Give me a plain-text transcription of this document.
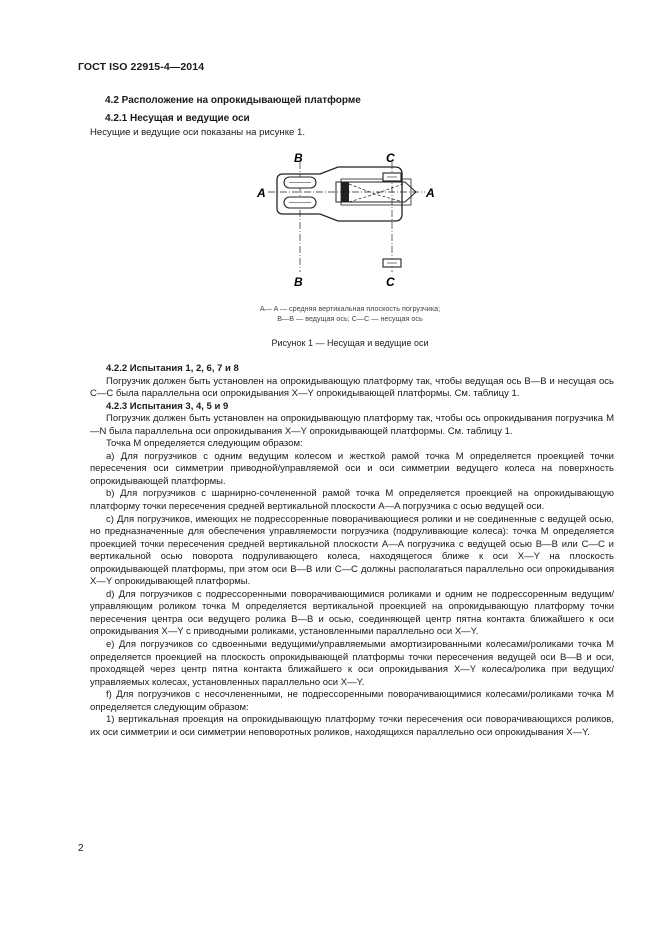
ГОСТ ISO 22915-4—2014
4.2 Расположение на опрокидывающей платформе
4.2.1 Несущая и ведущие оси
Несущие и ведущие оси показаны на рисунке 1.
B
B
C
C
A	A
A— A — средняя вертикальная плоскость погрузчика;
B—B — ведущая ось; C—C — несущая ось
Рисунок 1 — Несущая и ведущие оси

4.2.2 Испытания 1, 2, 6, 7 и 8

Погрузчик должен быть установлен на опрокидывающую платформу так, чтобы ведущая ось B—B и несущая ось C—C была параллельна оси опрокидывания X—Y опрокидывающей платформы. См. таблицу 1.

4.2.3 Испытания 3, 4, 5 и 9

Погрузчик должен быть установлен на опрокидывающую платформу так, чтобы ось опрокидывания погрузчика M—N была параллельна оси опрокидывания X—Y опрокидывающей платформы. См. таблицу 1.

Точка M определяется следующим образом:

а) Для погрузчиков с одним ведущим колесом и жесткой рамой точка M определяется проекцией точки пересечения оси симметрии приводной/управляемой оси и оси симметрии ведущего колеса на поверхность опрокидывающей платформы.

b) Для погрузчиков с шарнирно-сочлененной рамой точка M определяется проекцией на опрокидывающую платформу точки пересечения средней вертикальной плоскости A—A погрузчика с осью ведущей оси.

c) Для погрузчиков, имеющих не подрессоренные поворачивающиеся ролики и не соединенные с ведущей осью, но предназначенные для обеспечения управляемости погрузчика (подруливающие колеса): точка M определяется проекцией точки пересечения средней вертикальной плоскости A—A погрузчика с ведущей осью B—B или C—C и вертикальной осью поворота подруливающего колеса, находящегося ближе к оси X—Y на плоскость опрокидывающей платформы, при этом оси B—B или C—C должны располагаться параллельно оси опрокидывания X—Y опрокидывающей платформы.

d) Для погрузчиков с подрессоренными поворачивающимися роликами и одним не подрессоренным ведущим/управляющим роликом точка M определяется вертикальной проекцией на опрокидывающую платформу точки пересечения центра оси ведущего ролика B—B и осью, соединяющей центр пятна контакта ближайшего к оси опрокидывания X—Y с приводными роликами, установленными параллельно оси X—Y.

e) Для погрузчиков со сдвоенными ведущими/управляемыми амортизированными колесами/роликами точка M определяется проекцией на плоскость опрокидывающей платформы точки пересечения ведущей оси B—B и оси, проходящей через центр пятна контакта ближайшего к оси опрокидывания X—Y колеса/ролика при ведущих/управляемых колесах, установленных параллельно оси X—Y.

f) Для погрузчиков с несочлененными, не подрессоренными поворачивающимися колесами/роликами точка M определяется следующим образом:

1) вертикальная проекция на опрокидывающую платформу точки пересечения оси поворачивающихся роликов, их оси симметрии и оси симметрии неповоротных роликов, находящихся параллельно оси опрокидывания X—Y.

2
